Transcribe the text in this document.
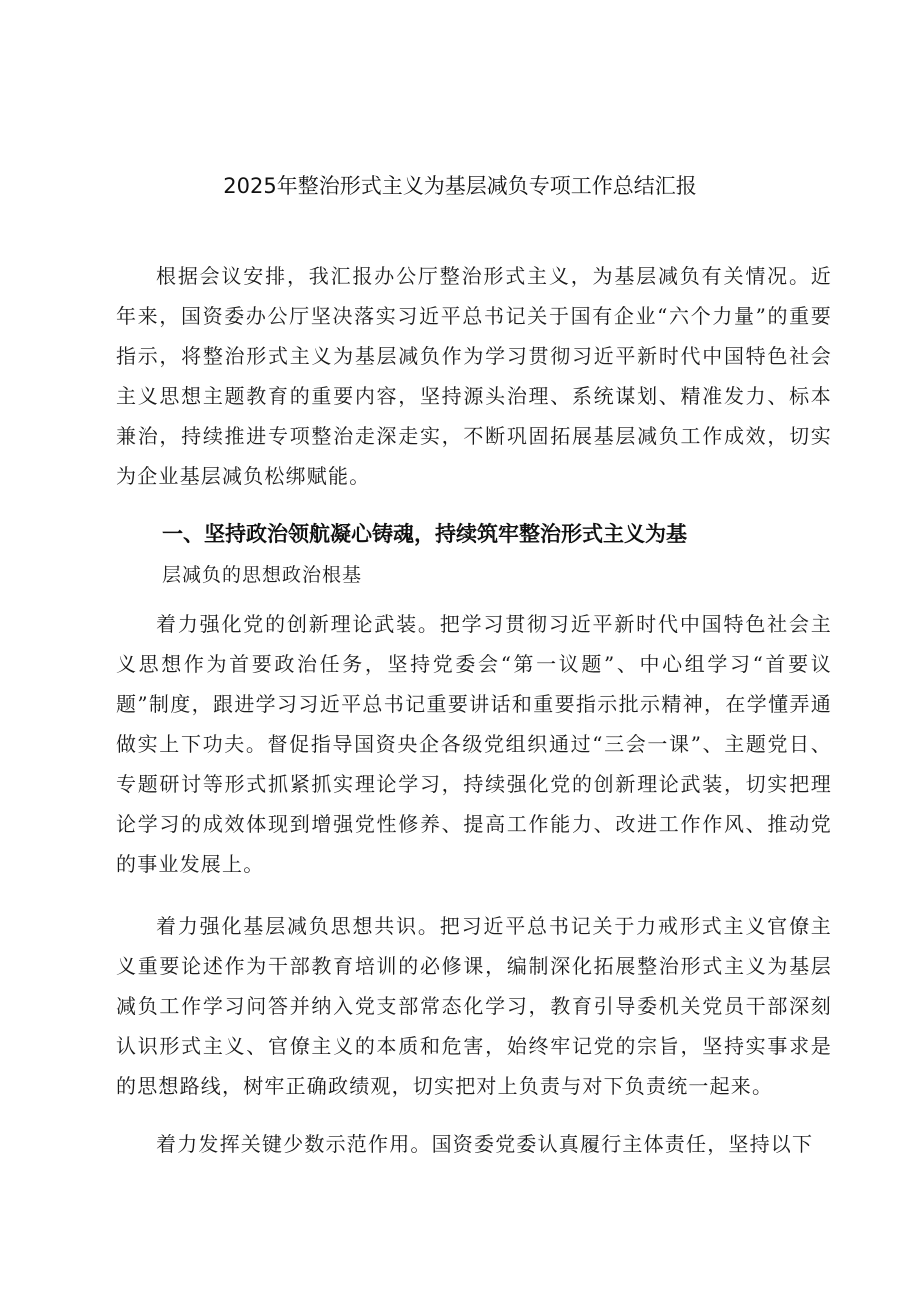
2025年整治形式主义为基层减负专项工作总结汇报

根据会议安排，我汇报办公厅整治形式主义，为基层减负有关情况。近年来，国资委办公厅坚决落实习近平总书记关于国有企业“六个力量”的重要指示，将整治形式主义为基层减负作为学习贯彻习近平新时代中国特色社会主义思想主题教育的重要内容，坚持源头治理、系统谋划、精准发力、标本兼治，持续推进专项整治走深走实，不断巩固拓展基层减负工作成效，切实为企业基层减负松绑赋能。

一、坚持政治领航凝心铸魂，持续筑牢整治形式主义为基

层减负的思想政治根基

着力强化党的创新理论武装。把学习贯彻习近平新时代中国特色社会主义思想作为首要政治任务，坚持党委会“第一议题”、中心组学习“首要议题”制度，跟进学习习近平总书记重要讲话和重要指示批示精神，在学懂弄通做实上下功夫。督促指导国资央企各级党组织通过“三会一课”、主题党日、专题研讨等形式抓紧抓实理论学习，持续强化党的创新理论武装，切实把理论学习的成效体现到增强党性修养、提高工作能力、改进工作作风、推动党的事业发展上。

着力强化基层减负思想共识。把习近平总书记关于力戒形式主义官僚主义重要论述作为干部教育培训的必修课，编制深化拓展整治形式主义为基层减负工作学习问答并纳入党支部常态化学习，教育引导委机关党员干部深刻认识形式主义、官僚主义的本质和危害，始终牢记党的宗旨，坚持实事求是的思想路线，树牢正确政绩观，切实把对上负责与对下负责统一起来。

着力发挥关键少数示范作用。国资委党委认真履行主体责任，坚持以下
